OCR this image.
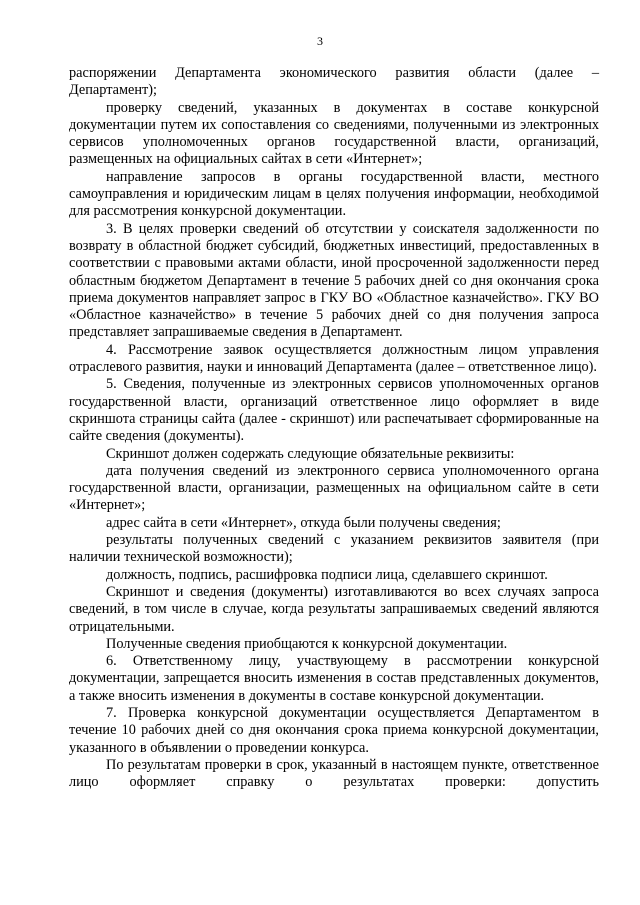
3

распоряжении Департамента экономического развития области (далее – Департамент);

проверку сведений, указанных в документах в составе конкурсной документации путем их сопоставления со сведениями, полученными из электронных сервисов уполномоченных органов государственной власти, организаций, размещенных на официальных сайтах в сети «Интернет»;

направление запросов в органы государственной власти, местного самоуправления и юридическим лицам в целях получения информации, необходимой для рассмотрения конкурсной документации.

3. В целях проверки сведений об отсутствии у соискателя задолженности по возврату в областной бюджет субсидий, бюджетных инвестиций, предоставленных в соответствии с правовыми актами области, иной просроченной задолженности перед областным бюджетом Департамент в течение 5 рабочих дней со дня окончания срока приема документов направляет запрос в ГКУ ВО «Областное казначейство». ГКУ ВО «Областное казначейство» в течение 5 рабочих дней со дня получения запроса представляет запрашиваемые сведения в Департамент.

4. Рассмотрение заявок осуществляется должностным лицом управления отраслевого развития, науки и инноваций Департамента (далее – ответственное лицо).

5. Сведения, полученные из электронных сервисов уполномоченных органов государственной власти, организаций ответственное лицо оформляет в виде скриншота страницы сайта (далее - скриншот) или распечатывает сформированные на сайте сведения (документы).

Скриншот должен содержать следующие обязательные реквизиты:

дата получения сведений из электронного сервиса уполномоченного органа государственной власти, организации, размещенных на официальном сайте в сети «Интернет»;

адрес сайта в сети «Интернет», откуда были получены сведения;

результаты полученных сведений с указанием реквизитов заявителя (при наличии технической возможности);

должность, подпись, расшифровка подписи лица, сделавшего скриншот.

Скриншот и сведения (документы) изготавливаются во всех случаях запроса сведений, в том числе в случае, когда результаты запрашиваемых сведений являются отрицательными.

Полученные сведения приобщаются к конкурсной документации.

6. Ответственному лицу, участвующему в рассмотрении конкурсной документации, запрещается вносить изменения в состав представленных документов, а также вносить изменения в документы в составе конкурсной документации.

7. Проверка конкурсной документации осуществляется Департаментом в течение 10 рабочих дней со дня окончания срока приема конкурсной документации, указанного в объявлении о проведении конкурса.

По результатам проверки в срок, указанный в настоящем пункте, ответственное лицо оформляет справку о результатах проверки: допустить
